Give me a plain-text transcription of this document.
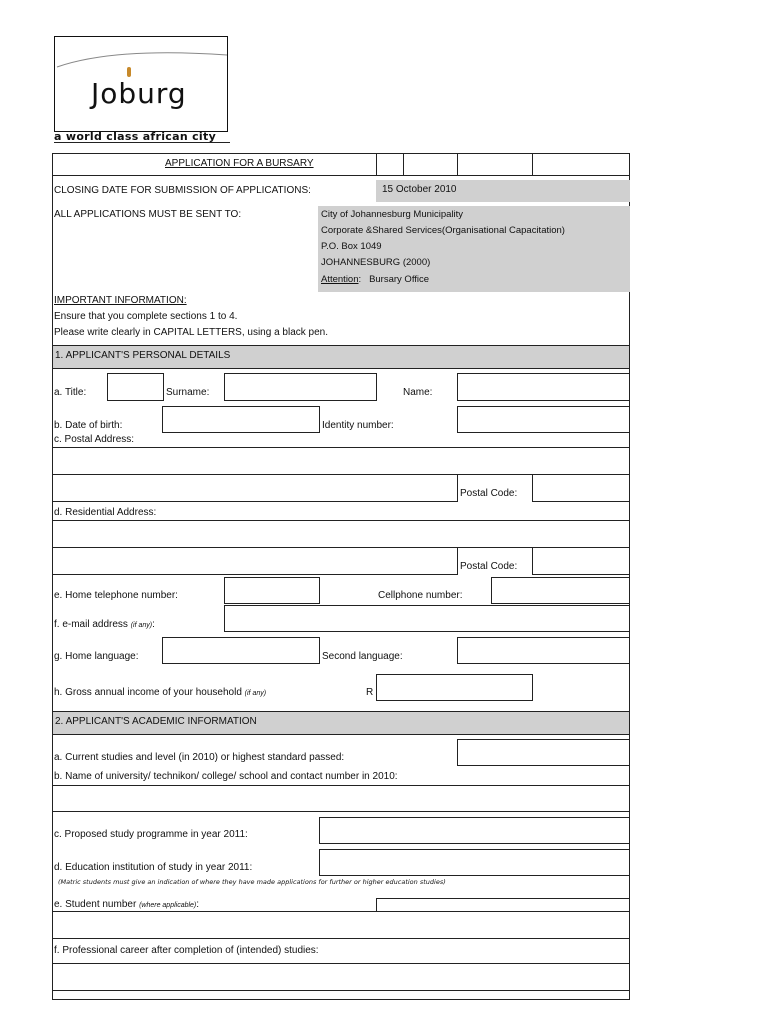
Joburg
a world class african city
APPLICATION FOR A BURSARY
CLOSING DATE FOR SUBMISSION OF APPLICATIONS:	15 October 2010
ALL APPLICATIONS MUST BE SENT TO:	City of Johannesburg Municipality
Corporate &Shared Services(Organisational Capacitation)
P.O. Box 1049
JOHANNESBURG (2000)
Attention:   Bursary Office
IMPORTANT INFORMATION:
Ensure that you complete sections 1 to 4.
Please write clearly in CAPITAL LETTERS, using a black pen.
1. APPLICANT'S PERSONAL DETAILS
a. Title:	Surname:	Name:
b. Date of birth:	Identity number:
c. Postal Address:
Postal Code:
d. Residential Address:
Postal Code:
e. Home telephone number:	Cellphone number:
f. e-mail address (if any):
g. Home language:	Second language:
h. Gross annual income of your household (if any)	R
2. APPLICANT'S ACADEMIC INFORMATION
a. Current studies and level (in 2010) or highest standard passed:
b. Name of university/ technikon/ college/ school and contact number in 2010:
c. Proposed study programme in year 2011:
d. Education institution of study in year 2011:
(Matric students must give an indication of where they have made applications for further or higher education studies)
e. Student number (where applicable):
f. Professional career after completion of (intended) studies:
